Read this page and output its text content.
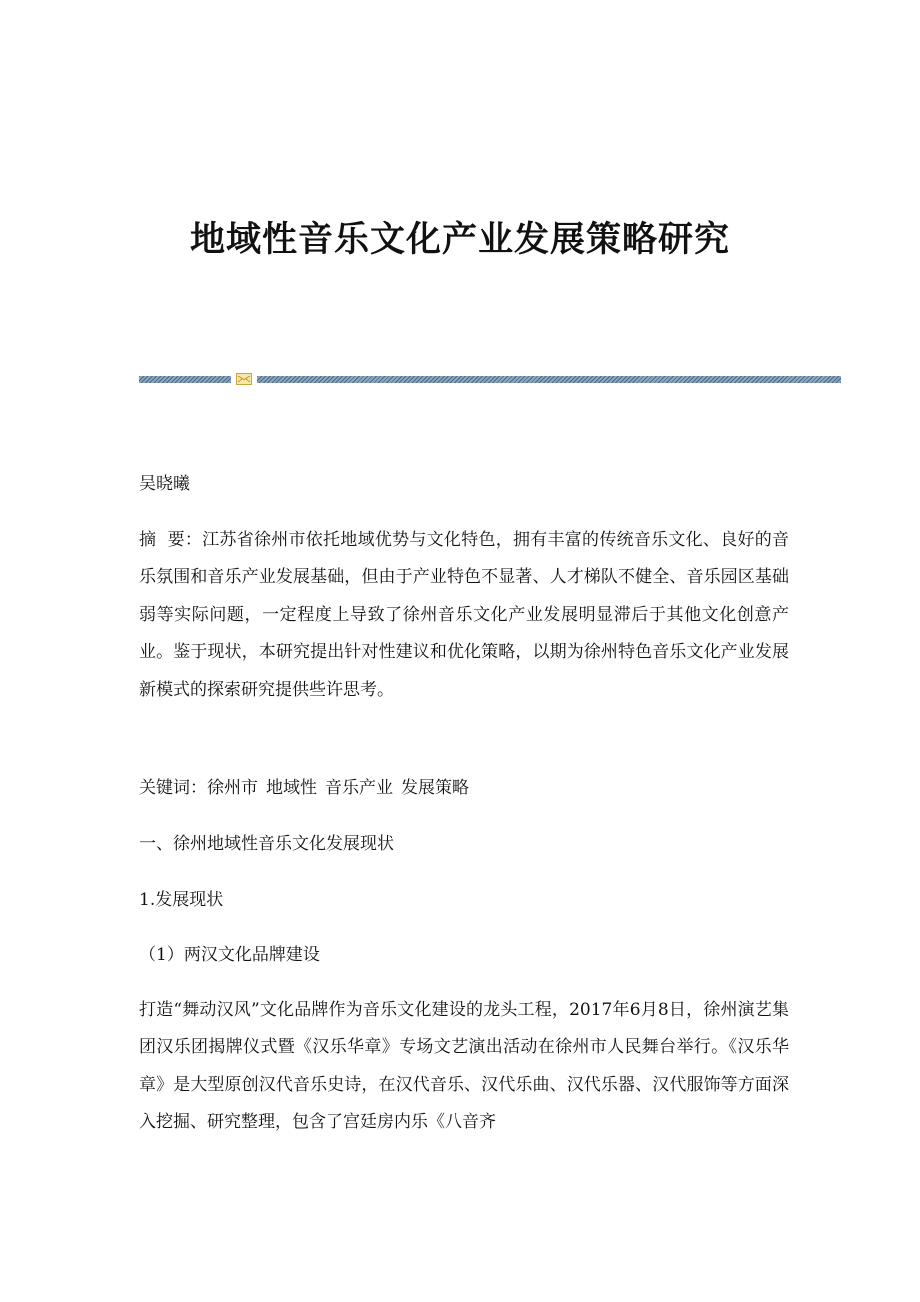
地域性音乐文化产业发展策略研究

吴晓曦

摘  要：江苏省徐州市依托地域优势与文化特色，拥有丰富的传统音乐文化、良好的音乐氛围和音乐产业发展基础，但由于产业特色不显著、人才梯队不健全、音乐园区基础弱等实际问题，一定程度上导致了徐州音乐文化产业发展明显滞后于其他文化创意产业。鉴于现状，本研究提出针对性建议和优化策略，以期为徐州特色音乐文化产业发展新模式的探索研究提供些许思考。

关键词：徐州市 地域性 音乐产业 发展策略

一、徐州地域性音乐文化发展现状

1.发展现状

（1）两汉文化品牌建设

打造“舞动汉风”文化品牌作为音乐文化建设的龙头工程，2017年6月8日，徐州演艺集团汉乐团揭牌仪式暨《汉乐华章》专场文艺演出活动在徐州市人民舞台举行。《汉乐华章》是大型原创汉代音乐史诗，在汉代音乐、汉代乐曲、汉代乐器、汉代服饰等方面深入挖掘、研究整理，包含了宫廷房内乐《八音齐
